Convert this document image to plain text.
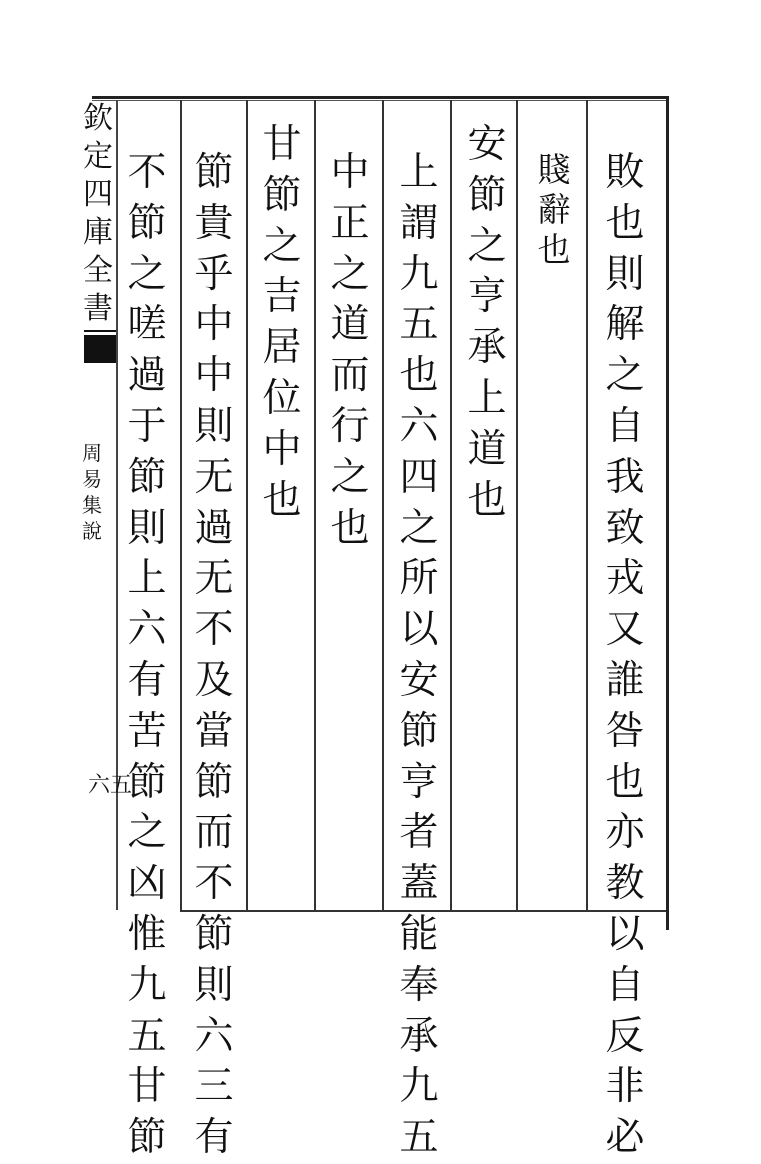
欽
定
四
庫
全
書
周
易
集
說
六五
敗
也
則
解
之
自
我
致
戎
又
誰
咎
也
亦
教
以
自
反
非
必
賤
辭
也
安
節
之
亨
承
上
道
也
上
謂
九
五
也
六
四
之
所
以
安
節
亨
者
蓋
能
奉
承
九
五
中
正
之
道
而
行
之
也
甘
節
之
吉
居
位
中
也
節
貴
乎
中
中
則
无
過
无
不
及
當
節
而
不
節
則
六
三
有
不
節
之
嗟
過
于
節
則
上
六
有
苦
節
之
凶
惟
九
五
甘
節
